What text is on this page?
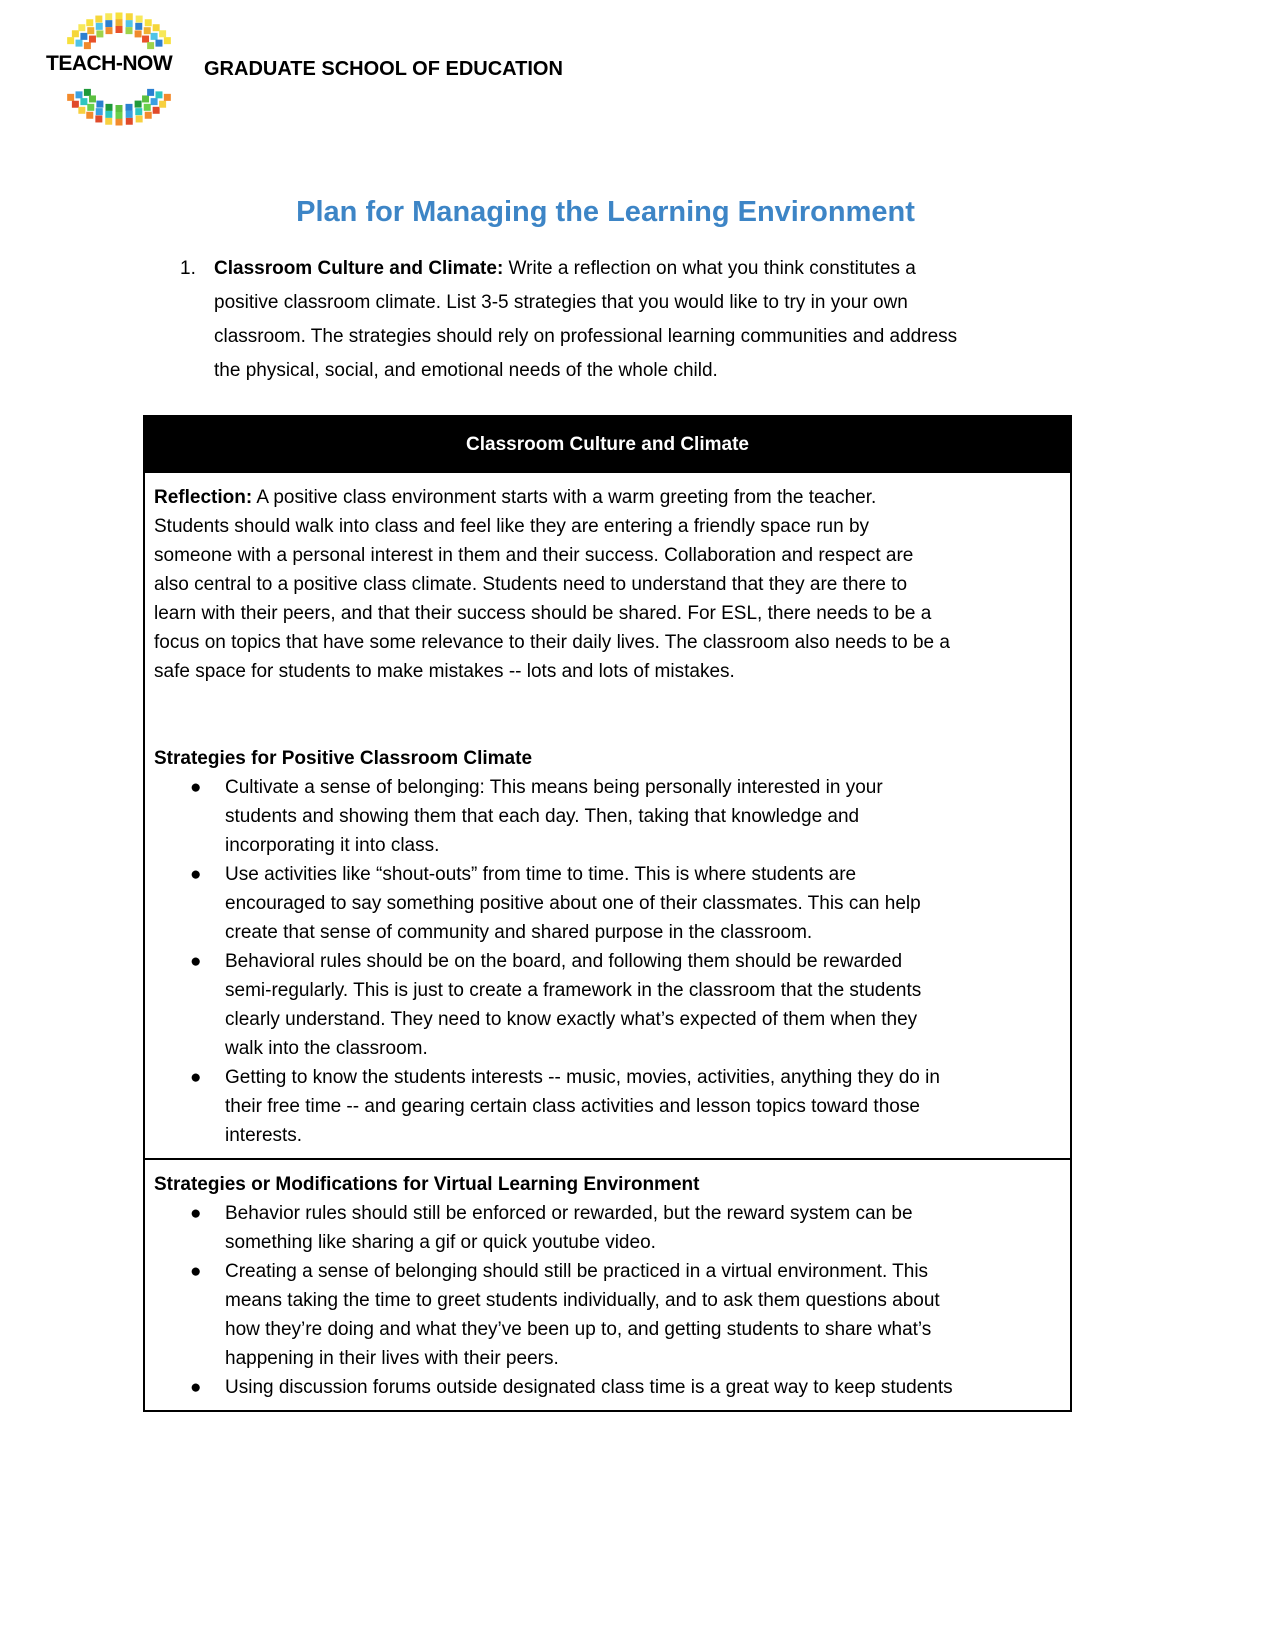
TEACH-NOW GRADUATE SCHOOL OF EDUCATION
Plan for Managing the Learning Environment
1. Classroom Culture and Climate: Write a reflection on what you think constitutes a
positive classroom climate. List 3-5 strategies that you would like to try in your own
classroom. The strategies should rely on professional learning communities and address
the physical, social, and emotional needs of the whole child.
Classroom Culture and Climate
Reflection: A positive class environment starts with a warm greeting from the teacher.
Students should walk into class and feel like they are entering a friendly space run by
someone with a personal interest in them and their success. Collaboration and respect are
also central to a positive class climate. Students need to understand that they are there to
learn with their peers, and that their success should be shared. For ESL, there needs to be a
focus on topics that have some relevance to their daily lives. The classroom also needs to be a
safe space for students to make mistakes -- lots and lots of mistakes.
Strategies for Positive Classroom Climate
● Cultivate a sense of belonging: This means being personally interested in your
students and showing them that each day. Then, taking that knowledge and
incorporating it into class.
● Use activities like “shout-outs” from time to time. This is where students are
encouraged to say something positive about one of their classmates. This can help
create that sense of community and shared purpose in the classroom.
● Behavioral rules should be on the board, and following them should be rewarded
semi-regularly. This is just to create a framework in the classroom that the students
clearly understand. They need to know exactly what’s expected of them when they
walk into the classroom.
● Getting to know the students interests -- music, movies, activities, anything they do in
their free time -- and gearing certain class activities and lesson topics toward those
interests.
Strategies or Modifications for Virtual Learning Environment
● Behavior rules should still be enforced or rewarded, but the reward system can be
something like sharing a gif or quick youtube video.
● Creating a sense of belonging should still be practiced in a virtual environment. This
means taking the time to greet students individually, and to ask them questions about
how they’re doing and what they’ve been up to, and getting students to share what’s
happening in their lives with their peers.
● Using discussion forums outside designated class time is a great way to keep students
